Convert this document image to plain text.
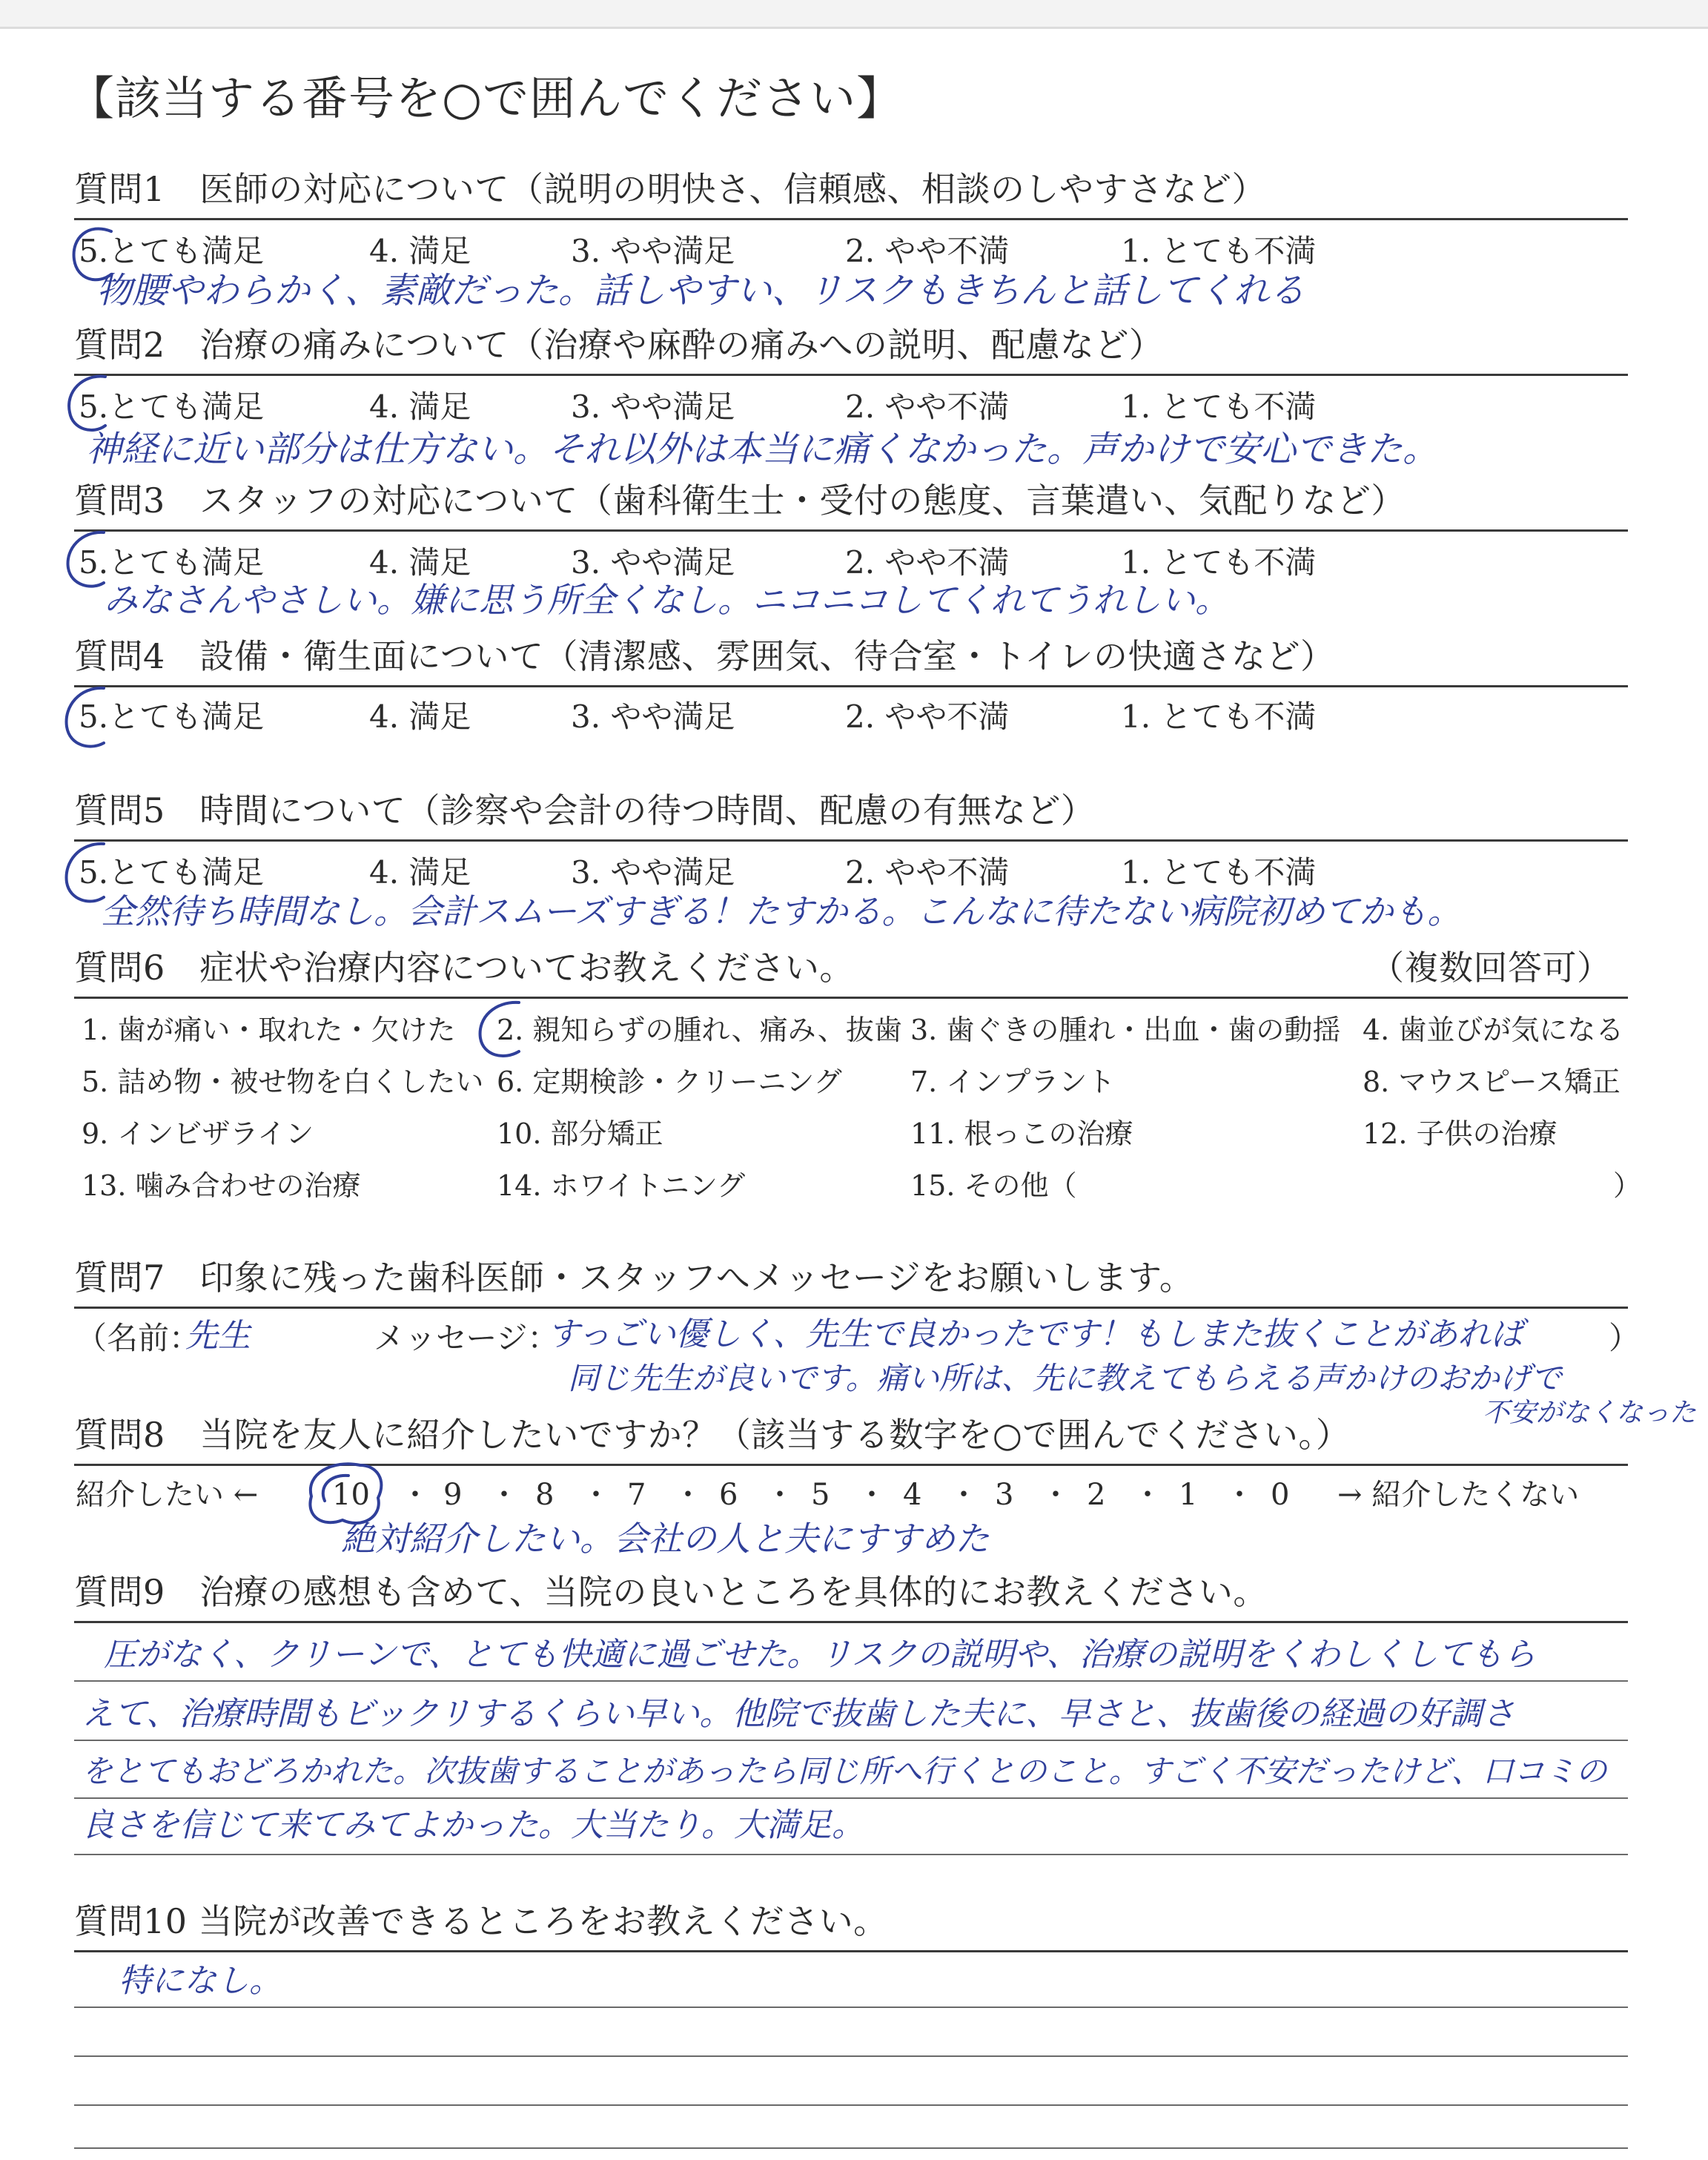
【該当する番号を○で囲んでください】
質問1　医師の対応について（説明の明快さ、信頼感、相談のしやすさなど）
5.とても満足	4. 満足	3. やや満足	2. やや不満	1. とても不満
物腰やわらかく、素敵だった。話しやすい、リスクもきちんと話してくれる
質問2　治療の痛みについて（治療や麻酔の痛みへの説明、配慮など）
5.とても満足	4. 満足	3. やや満足	2. やや不満	1. とても不満
神経に近い部分は仕方ない。それ以外は本当に痛くなかった。声かけで安心できた。
質問3　スタッフの対応について（歯科衛生士・受付の態度、言葉遣い、気配りなど）
5.とても満足	4. 満足	3. やや満足	2. やや不満	1. とても不満
みなさんやさしい。嫌に思う所全くなし。ニコニコしてくれてうれしい。
質問4　設備・衛生面について（清潔感、雰囲気、待合室・トイレの快適さなど）
5.とても満足	4. 満足	3. やや満足	2. やや不満	1. とても不満
質問5　時間について（診察や会計の待つ時間、配慮の有無など）
5.とても満足	4. 満足	3. やや満足	2. やや不満	1. とても不満
全然待ち時間なし。会計スムーズすぎる！たすかる。こんなに待たない病院初めてかも。
質問6　症状や治療内容についてお教えください。	（複数回答可）
1. 歯が痛い・取れた・欠けた 2. 親知らずの腫れ、痛み、抜歯 3. 歯ぐきの腫れ・出血・歯の動揺 4. 歯並びが気になる
5. 詰め物・被せ物を白くしたい 6. 定期検診・クリーニング 7. インプラント	8. マウスピース矯正
9. インビザライン	10. 部分矯正	11. 根っこの治療	12. 子供の治療
13. 噛み合わせの治療	14. ホワイトニング	15. その他（	）
質問7　印象に残った歯科医師・スタッフへメッセージをお願いします。
（名前：
先生	メッセージ：	）
すっごい優しく、先生で良かったです！もしまた抜くことがあれば
同じ先生が良いです。痛い所は、先に教えてもらえる声かけのおかげで
不安がなくなった
質問8　当院を友人に紹介したいですか？（該当する数字を○で囲んでください。）
紹介したい ← 10 ・ 9 ・ 8 ・ 7 ・ 6 ・ 5 ・ 4 ・ 3 ・ 2 ・ 1 ・ 0 → 紹介したくない
絶対紹介したい。会社の人と夫にすすめた
質問9　治療の感想も含めて、当院の良いところを具体的にお教えください。
圧がなく、クリーンで、とても快適に過ごせた。リスクの説明や、治療の説明をくわしくしてもら
えて、治療時間もビックリするくらい早い。他院で抜歯した夫に、早さと、抜歯後の経過の好調さ
をとてもおどろかれた。次抜歯することがあったら同じ所へ行くとのこと。すごく不安だったけど、口コミの
良さを信じて来てみてよかった。大当たり。大満足。
質問10 当院が改善できるところをお教えください。
特になし。
